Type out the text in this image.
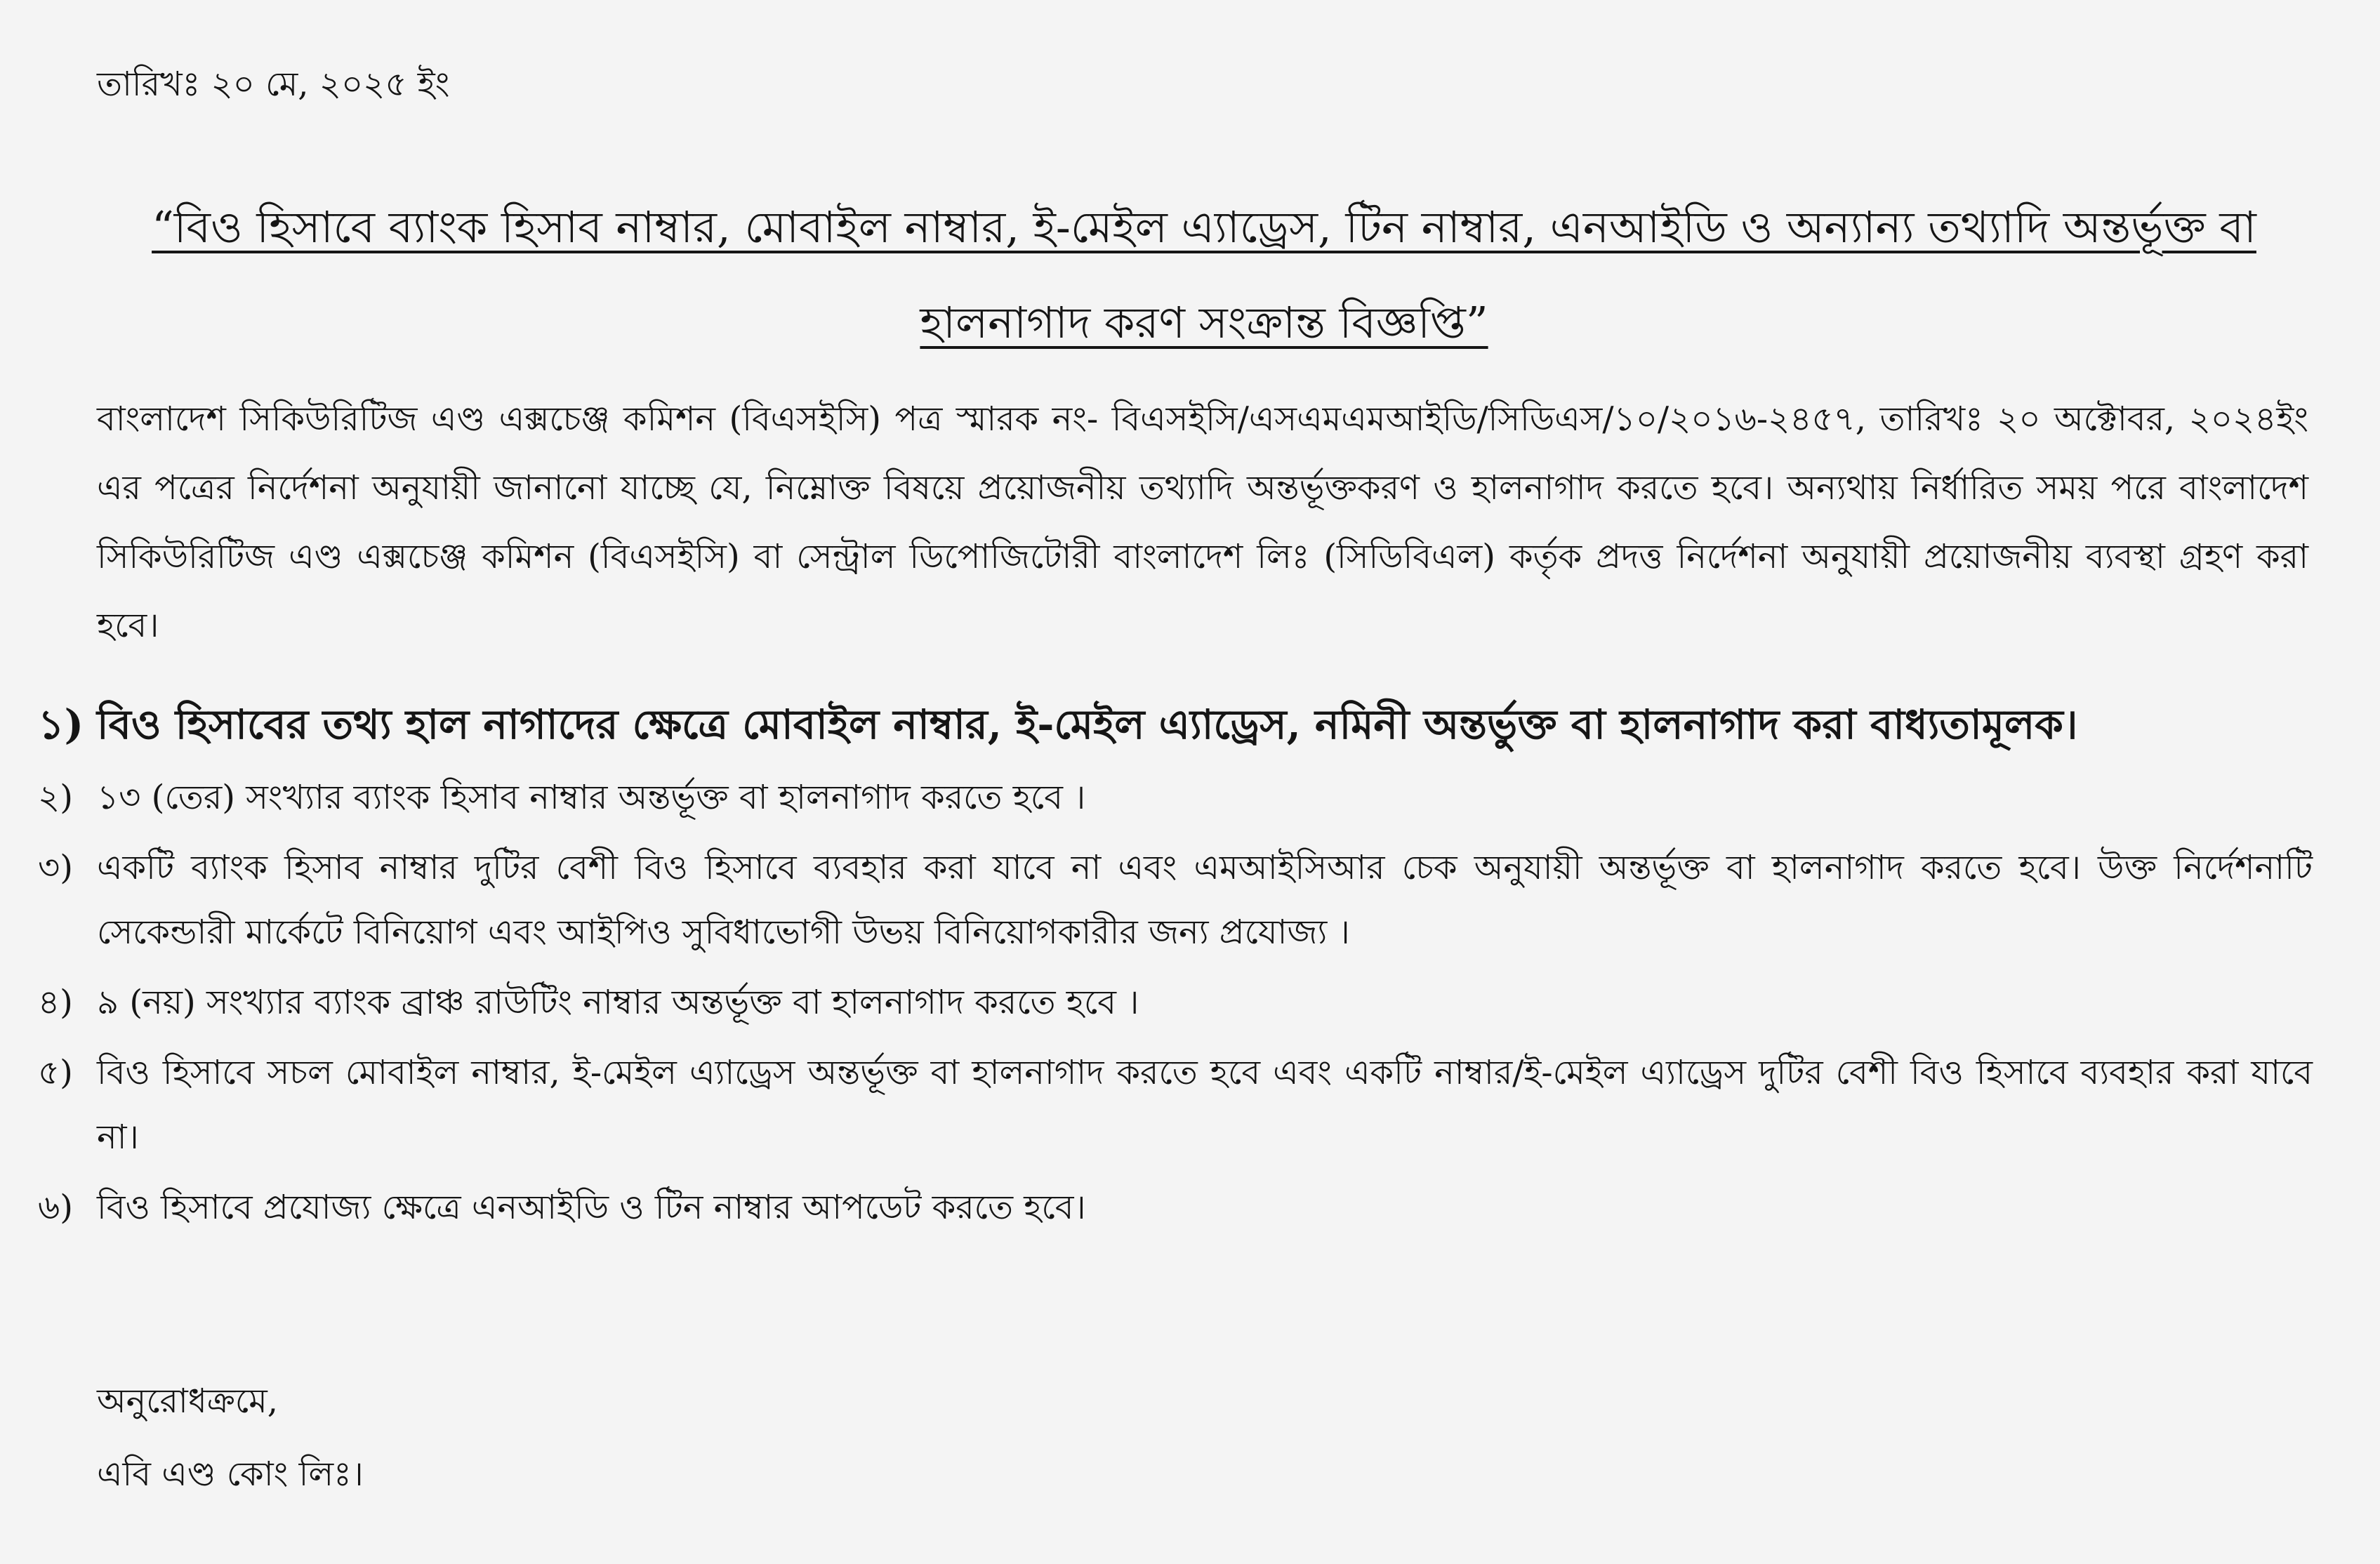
তারিখঃ ২০ মে, ২০২৫ ইং
“বিও হিসাবে ব্যাংক হিসাব নাম্বার, মোবাইল নাম্বার, ই-মেইল এ্যাড্রেস, টিন নাম্বার, এনআইডি ও অন্যান্য তথ্যাদি অন্তর্ভূক্ত বা হালনাগাদ করণ সংক্রান্ত বিজ্ঞপ্তি”

বাংলাদেশ সিকিউরিটিজ এণ্ড এক্সচেঞ্জ কমিশন (বিএসইসি) পত্র স্মারক নং- বিএসইসি/এসএমএমআইডি/সিডিএস/১০/২০১৬-২৪৫৭, তারিখঃ ২০ অক্টোবর, ২০২৪ইং এর পত্রের নির্দেশনা অনুযায়ী জানানো যাচ্ছে যে, নিম্নোক্ত বিষয়ে প্রয়োজনীয় তথ্যাদি অন্তর্ভূক্তকরণ ও হালনাগাদ করতে হবে। অন্যথায় নির্ধারিত সময় পরে বাংলাদেশ সিকিউরিটিজ এণ্ড এক্সচেঞ্জ কমিশন (বিএসইসি) বা সেন্ট্রাল ডিপোজিটোরী বাংলাদেশ লিঃ (সিডিবিএল) কর্তৃক প্রদত্ত নির্দেশনা অনুযায়ী প্রয়োজনীয় ব্যবস্থা গ্রহণ করা হবে।

১) বিও হিসাবের তথ্য হাল নাগাদের ক্ষেত্রে মোবাইল নাম্বার, ই-মেইল এ্যাড্রেস, নমিনী অন্তর্ভুক্ত বা হালনাগাদ করা বাধ্যতামূলক।
২) ১৩ (তের) সংখ্যার ব্যাংক হিসাব নাম্বার অন্তর্ভূক্ত বা হালনাগাদ করতে হবে ।
৩) একটি ব্যাংক হিসাব নাম্বার দুটির বেশী বিও হিসাবে ব্যবহার করা যাবে না এবং এমআইসিআর চেক অনুযায়ী অন্তর্ভূক্ত বা হালনাগাদ করতে হবে। উক্ত নির্দেশনাটি সেকেন্ডারী মার্কেটে বিনিয়োগ এবং আইপিও সুবিধাভোগী উভয় বিনিয়োগকারীর জন্য প্রযোজ্য ।
৪) ৯ (নয়) সংখ্যার ব্যাংক ব্রাঞ্চ রাউটিং নাম্বার অন্তর্ভূক্ত বা হালনাগাদ করতে হবে ।
৫) বিও হিসাবে সচল মোবাইল নাম্বার, ই-মেইল এ্যাড্রেস অন্তর্ভূক্ত বা হালনাগাদ করতে হবে এবং একটি নাম্বার/ই-মেইল এ্যাড্রেস দুটির বেশী বিও হিসাবে ব্যবহার করা যাবে না।
৬) বিও হিসাবে প্রযোজ্য ক্ষেত্রে এনআইডি ও টিন নাম্বার আপডেট করতে হবে।
অনুরোধক্রমে,
এবি এণ্ড কোং লিঃ।
